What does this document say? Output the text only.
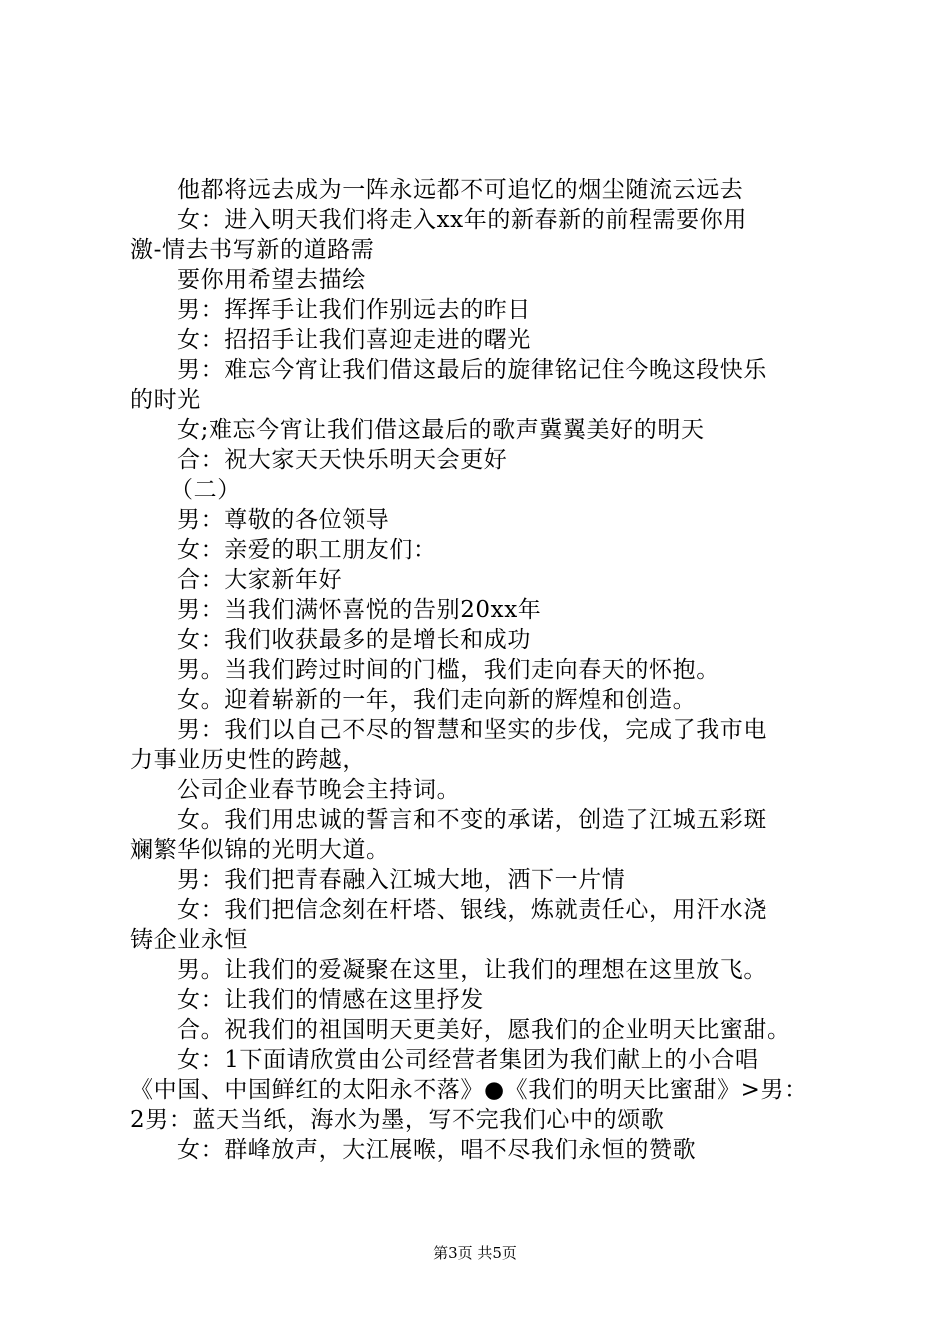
他都将远去成为一阵永远都不可追忆的烟尘随流云远去
女：进入明天我们将走入xx年的新春新的前程需要你用
激-情去书写新的道路需
要你用希望去描绘
男：挥挥手让我们作别远去的昨日
女：招招手让我们喜迎走进的曙光
男：难忘今宵让我们借这最后的旋律铭记住今晚这段快乐
的时光
女;难忘今宵让我们借这最后的歌声冀翼美好的明天
合：祝大家天天快乐明天会更好
（二）
男：尊敬的各位领导
女：亲爱的职工朋友们：
合：大家新年好
男：当我们满怀喜悦的告别20xx年
女：我们收获最多的是增长和成功
男。当我们跨过时间的门槛，我们走向春天的怀抱。
女。迎着崭新的一年，我们走向新的辉煌和创造。
男：我们以自己不尽的智慧和坚实的步伐，完成了我市电
力事业历史性的跨越，
公司企业春节晚会主持词。
女。我们用忠诚的誓言和不变的承诺，创造了江城五彩斑
斓繁华似锦的光明大道。
男：我们把青春融入江城大地，洒下一片情
女：我们把信念刻在杆塔、银线，炼就责任心，用汗水浇
铸企业永恒
男。让我们的爱凝聚在这里，让我们的理想在这里放飞。
女：让我们的情感在这里抒发
合。祝我们的祖国明天更美好，愿我们的企业明天比蜜甜。
女：1下面请欣赏由公司经营者集团为我们献上的小合唱
《中国、中国鲜红的太阳永不落》●《我们的明天比蜜甜》>男：
2男：蓝天当纸，海水为墨，写不完我们心中的颂歌
女：群峰放声，大江展喉，唱不尽我们永恒的赞歌
第3页 共5页
